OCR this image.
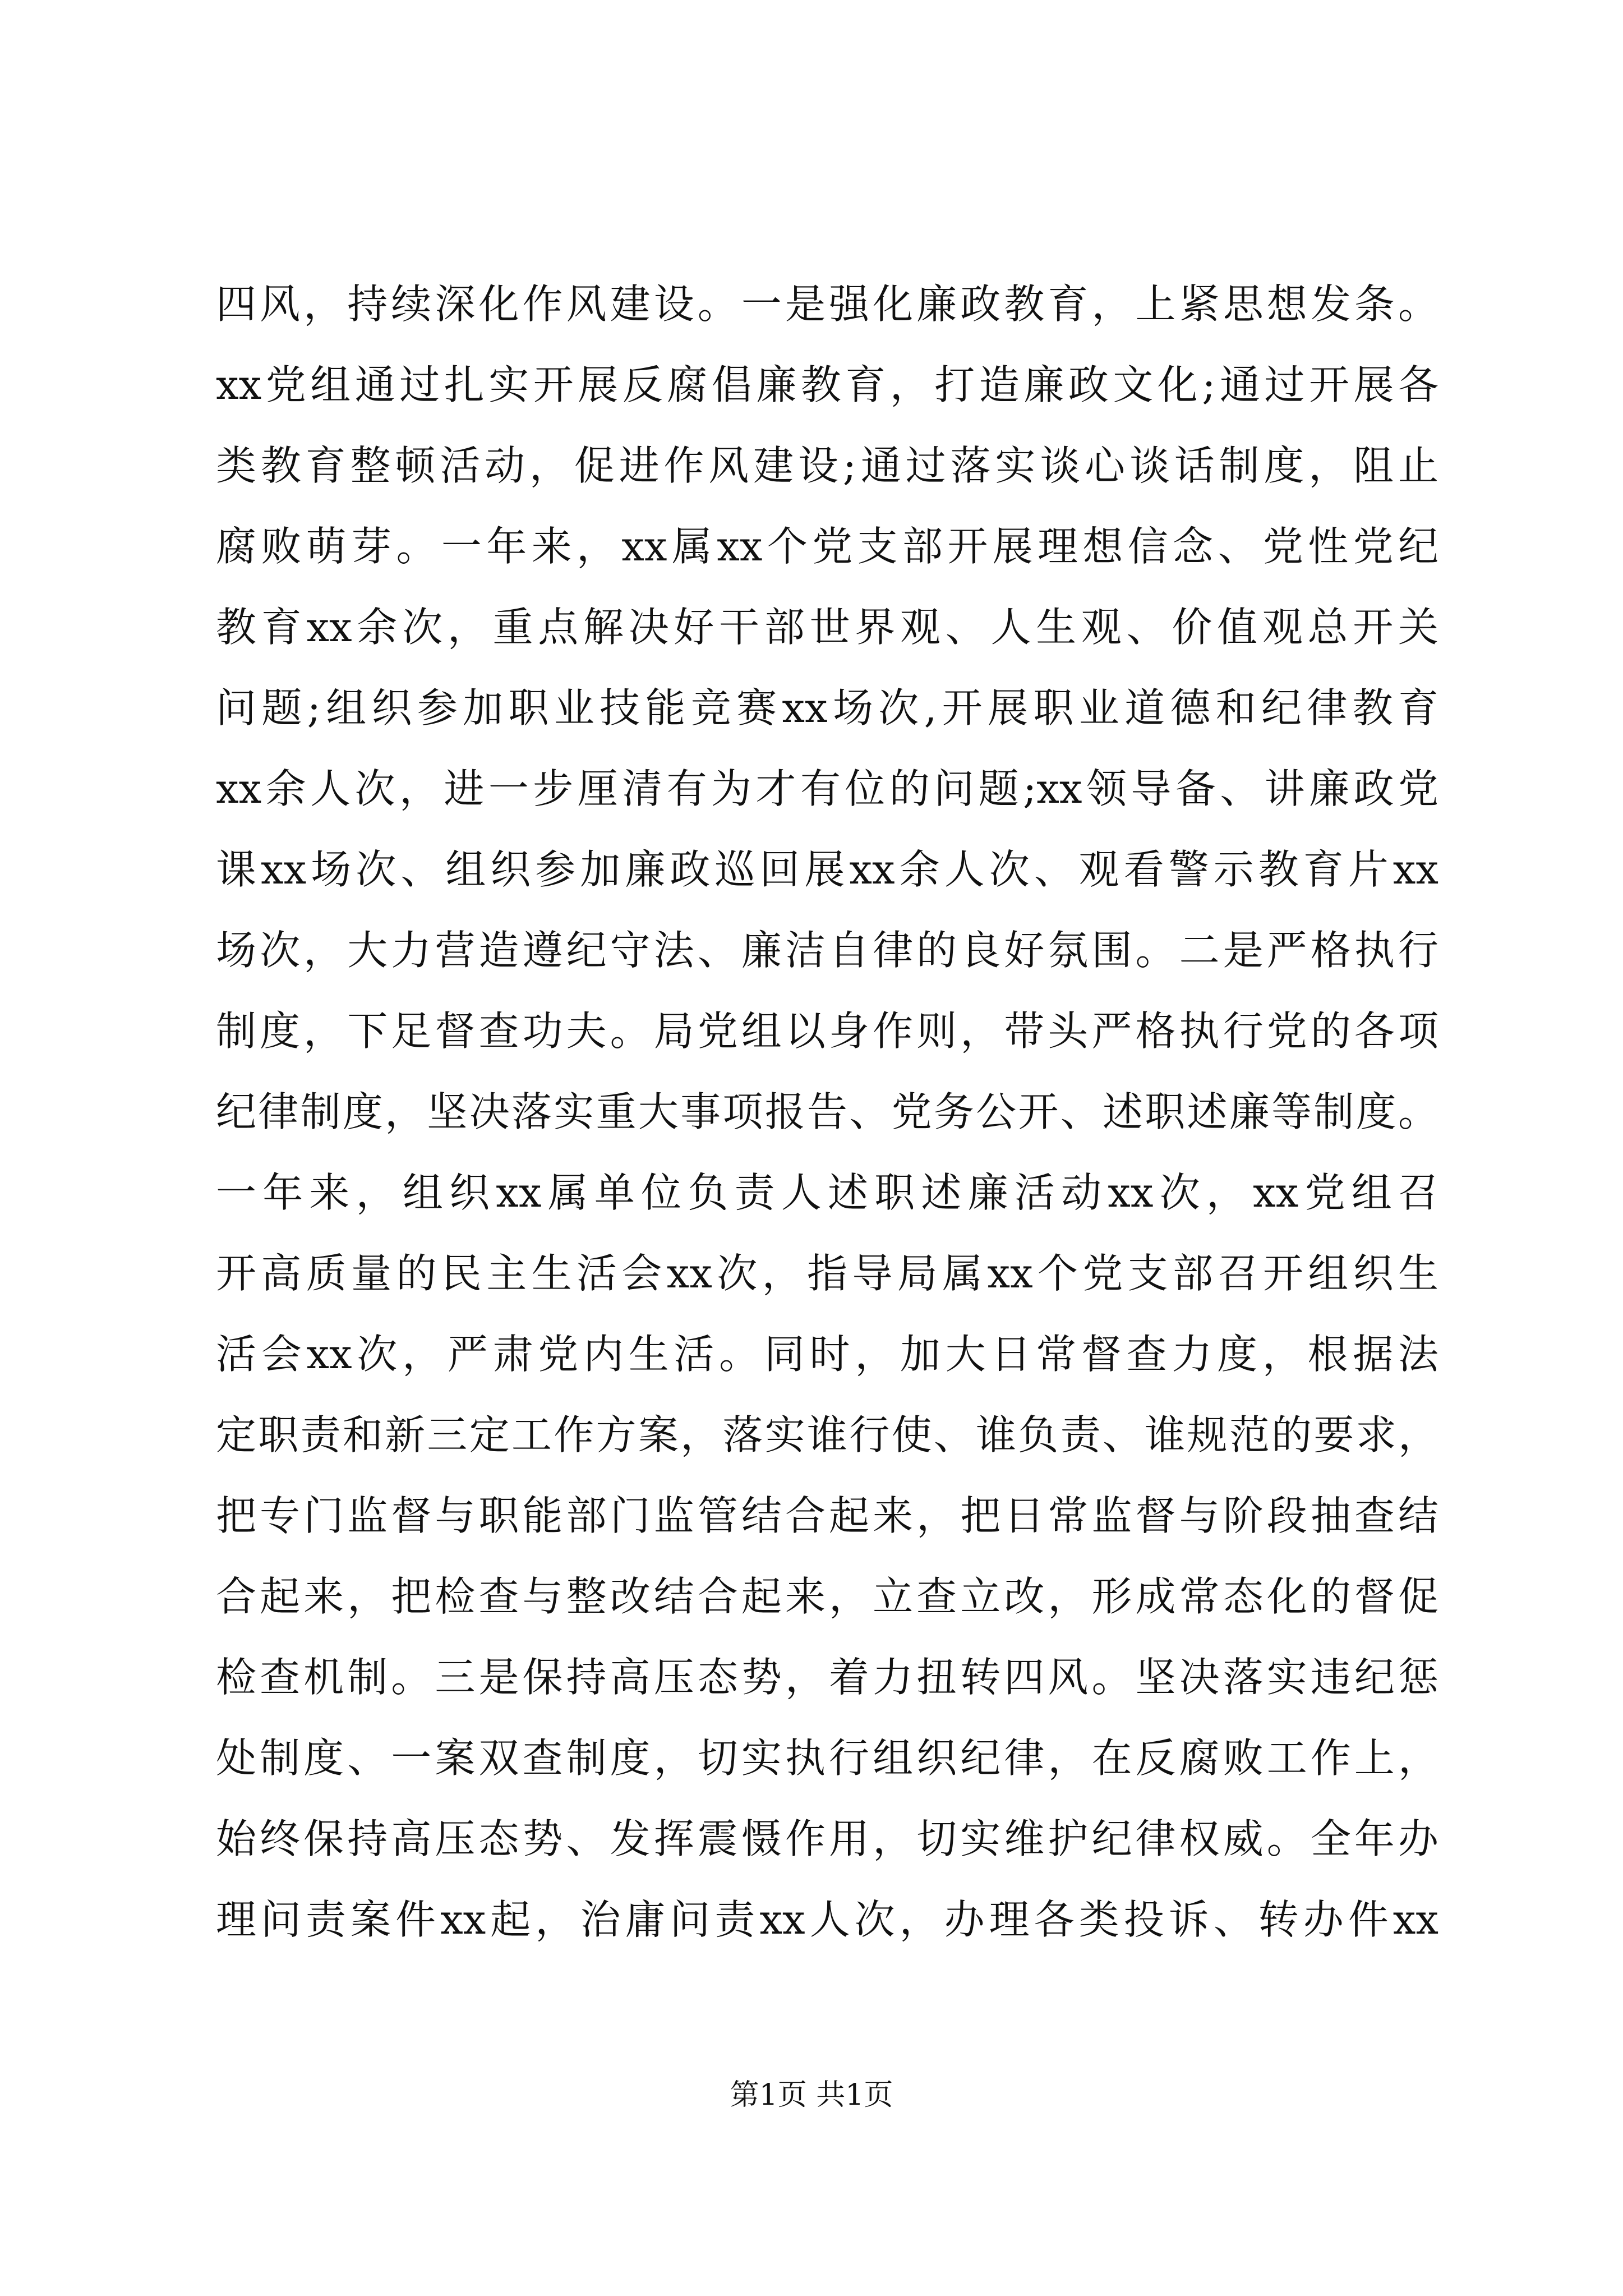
四风，持续深化作风建设。一是强化廉政教育，上紧思想发条。
xx党组通过扎实开展反腐倡廉教育，打造廉政文化;通过开展各
类教育整顿活动，促进作风建设;通过落实谈心谈话制度，阻止
腐败萌芽。一年来，xx属xx个党支部开展理想信念、党性党纪
教育xx余次，重点解决好干部世界观、人生观、价值观总开关
问题;组织参加职业技能竞赛xx场次,开展职业道德和纪律教育
xx余人次，进一步厘清有为才有位的问题;xx领导备、讲廉政党
课xx场次、组织参加廉政巡回展xx余人次、观看警示教育片xx
场次，大力营造遵纪守法、廉洁自律的良好氛围。二是严格执行
制度，下足督查功夫。局党组以身作则，带头严格执行党的各项
纪律制度，坚决落实重大事项报告、党务公开、述职述廉等制度。
一年来，组织xx属单位负责人述职述廉活动xx次，xx党组召
开高质量的民主生活会xx次，指导局属xx个党支部召开组织生
活会xx次，严肃党内生活。同时，加大日常督查力度，根据法
定职责和新三定工作方案，落实谁行使、谁负责、谁规范的要求，
把专门监督与职能部门监管结合起来，把日常监督与阶段抽查结
合起来，把检查与整改结合起来，立查立改，形成常态化的督促
检查机制。三是保持高压态势，着力扭转四风。坚决落实违纪惩
处制度、一案双查制度，切实执行组织纪律，在反腐败工作上，
始终保持高压态势、发挥震慑作用，切实维护纪律权威。全年办
理问责案件xx起，治庸问责xx人次，办理各类投诉、转办件xx
第1页 共1页
